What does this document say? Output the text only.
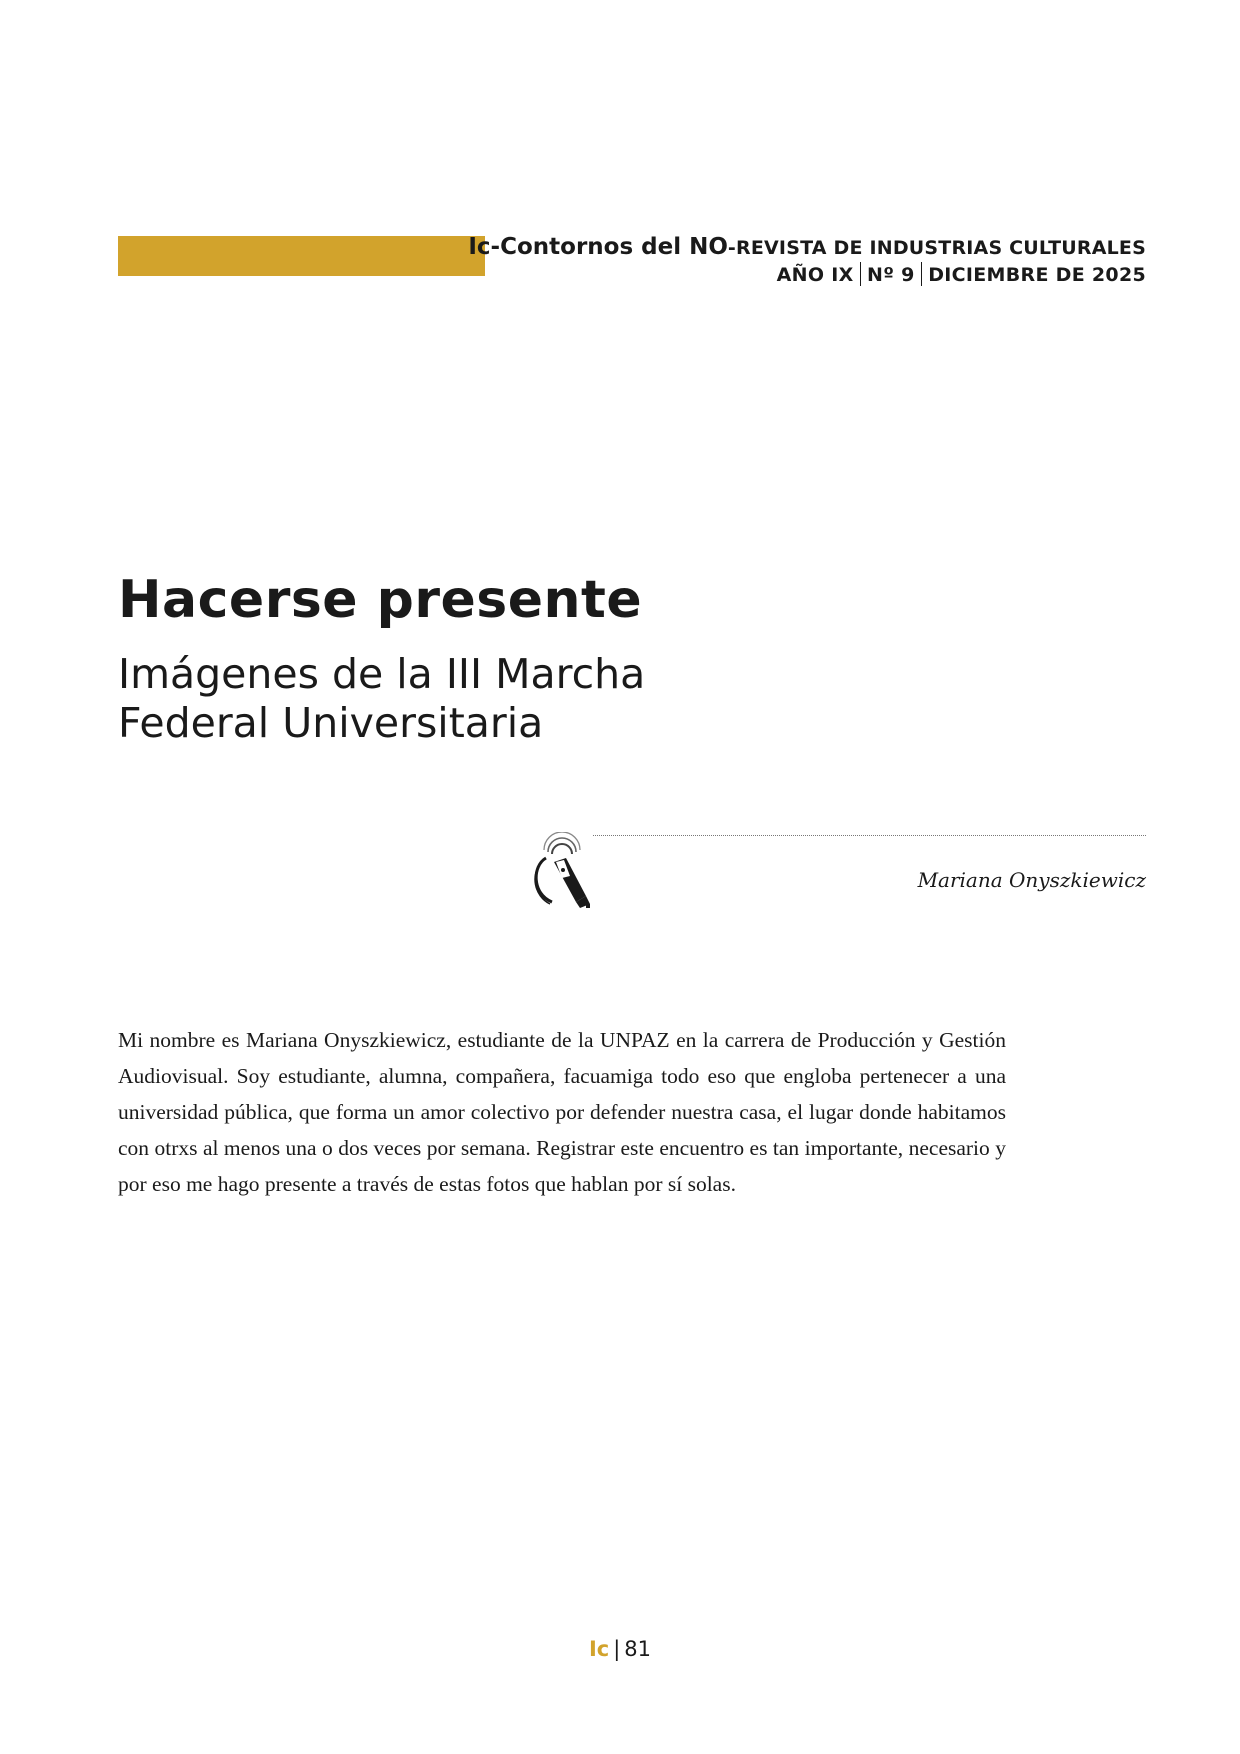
Ic-Contornos del NO-REVISTA DE INDUSTRIAS CULTURALES
AÑO IX Nº 9 DICIEMBRE DE 2025
Hacerse presente
Imágenes de la III Marcha
Federal Universitaria
Mariana Onyszkiewicz

Mi nombre es Mariana Onyszkiewicz, estudiante de la UNPAZ en la carrera de Producción y Gestión Audiovisual. Soy estudiante, alumna, compañera, facuamiga todo eso que engloba pertenecer a una universidad pública, que forma un amor colectivo por defender nuestra casa, el lugar donde habitamos con otrxs al menos una o dos veces por semana. Registrar este encuentro es tan importante, necesario y por eso me hago presente a través de estas fotos que hablan por sí solas.

Ic | 81
